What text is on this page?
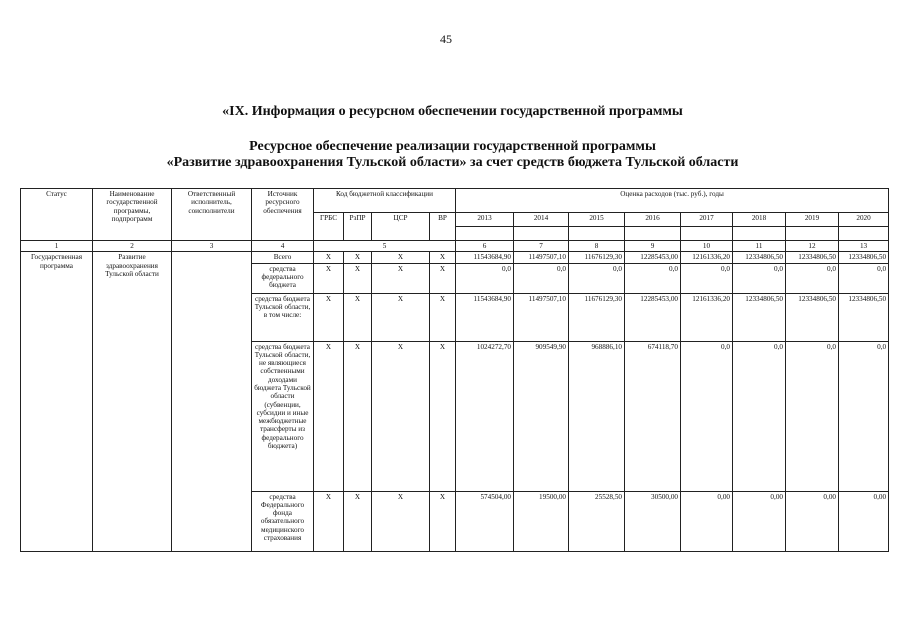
45
«IX. Информация о ресурсном обеспечении государственной программы
Ресурсное обеспечение реализации государственной программы
«Развитие здравоохранения Тульской области» за счет средств бюджета Тульской области
Статус	Наименование государственной программы, подпрограмм	Ответственный исполнитель, соисполнители	Источник ресурсного обеспечения	Код бюджетной классификации				Оценка расходов (тыс. руб.), годы							
				ГРБС	РзПР	ЦСР	ВР	2013	2014	2015	2016	2017	2018	2019	2020

1	2	3	4	5				6	7	8	9	10	11	12	13
Государственная программа	Развитие здравоохранения Тульской области		Всего	Х	Х	Х	Х	11543684,90	11497507,10	11676129,30	12285453,00	12161336,20	12334806,50	12334806,50	12334806,50
			средства федерального бюджета	Х	Х	Х	Х	0,0	0,0	0,0	0,0	0,0	0,0	0,0	0,0
			средства бюджета Тульской области, в том числе:	Х	Х	Х	Х	11543684,90	11497507,10	11676129,30	12285453,00	12161336,20	12334806,50	12334806,50	12334806,50
			средства бюджета Тульской области, не являющиеся собственными доходами бюджета Тульской области (субвенции, субсидии и иные межбюджетные трансферты из федерального бюджета)	Х	Х	Х	Х	1024272,70	909549,90	968886,10	674118,70	0,0	0,0	0,0	0,0
			средства Федерального фонда обязательного медицинского страхования	Х	Х	Х	Х	574504,00	19500,00	25528,50	30500,00	0,00	0,00	0,00	0,00
